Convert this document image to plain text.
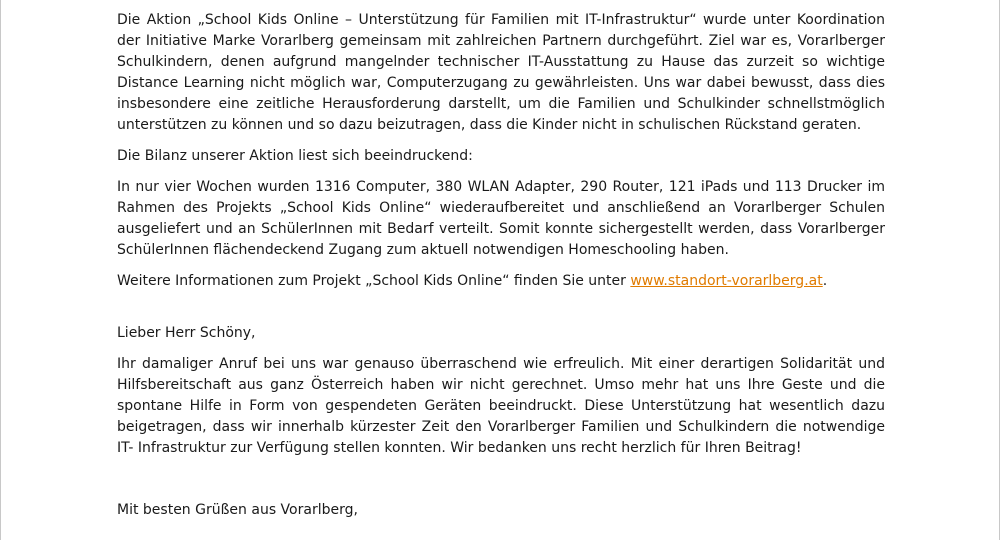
Die Aktion „School Kids Online – Unterstützung für Familien mit IT-Infrastruktur“ wurde unter Koordination der Initiative Marke Vorarlberg gemeinsam mit zahlreichen Partnern durchgeführt. Ziel war es, Vorarlberger Schulkindern, denen aufgrund mangelnder technischer IT-Ausstattung zu Hause das zurzeit so wichtige Distance Learning nicht möglich war, Computerzugang zu gewährleisten. Uns war dabei bewusst, dass dies insbesondere eine zeitliche Herausforderung darstellt, um die Familien und Schulkinder schnellstmöglich unterstützen zu können und so dazu beizutragen, dass die Kinder nicht in schulischen Rückstand geraten.

Die Bilanz unserer Aktion liest sich beeindruckend:

In nur vier Wochen wurden 1316 Computer, 380 WLAN Adapter, 290 Router, 121 iPads und 113 Drucker im Rahmen des Projekts „School Kids Online“ wiederaufbereitet und anschließend an Vorarlberger Schulen ausgeliefert und an SchülerInnen mit Bedarf verteilt. Somit konnte sichergestellt werden, dass Vorarlberger SchülerInnen flächendeckend Zugang zum aktuell notwendigen Homeschooling haben.

Weitere Informationen zum Projekt „School Kids Online“ finden Sie unter www.standort-vorarlberg.at.

Lieber Herr Schöny,

Ihr damaliger Anruf bei uns war genauso überraschend wie erfreulich. Mit einer derartigen Solidarität und Hilfsbereitschaft aus ganz Österreich haben wir nicht gerechnet. Umso mehr hat uns Ihre Geste und die spontane Hilfe in Form von gespendeten Geräten beeindruckt. Diese Unterstützung hat wesentlich dazu beigetragen, dass wir innerhalb kürzester Zeit den Vorarlberger Familien und Schulkindern die notwendige IT- Infrastruktur zur Verfügung stellen konnten. Wir bedanken uns recht herzlich für Ihren Beitrag!

Mit besten Grüßen aus Vorarlberg,
